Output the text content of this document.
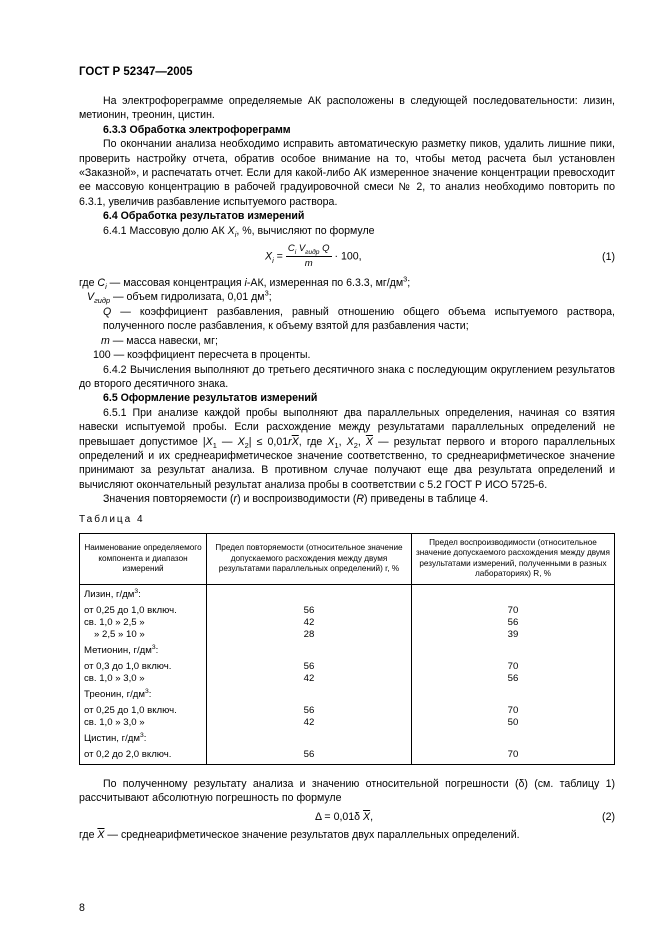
ГОСТ Р 52347—2005

На электрофореграмме определяемые АК расположены в следующей последовательности: лизин, метионин, треонин, цистин.

6.3.3 Обработка электрофореграмм

По окончании анализа необходимо исправить автоматическую разметку пиков, удалить лишние пики, проверить настройку отчета, обратив особое внимание на то, чтобы метод расчета был установлен «Заказной», и распечатать отчет. Если для какой-либо АК измеренное значение концентрации превосходит ее массовую концентрацию в рабочей градуировочной смеси № 2, то анализ необходимо повторить по 6.3.1, увеличив разбавление испытуемого раствора.

6.4 Обработка результатов измерений

6.4.1 Массовую долю АК $X_i$, %, вычисляют по формуле

$X_i = \frac{C_i V_{гидр} Q}{m} \cdot 100$,	(1)

где $C_i$ — массовая концентрация i-АК, измеренная по 6.3.3, $мг/дм^3$;

$V_{гидр}$ — объем гидролизата, 0,01 $дм^3$;

Q — коэффициент разбавления, равный отношению общего объема испытуемого раствора, полученного после разбавления, к объему взятой для разбавления части;

m — масса навески, мг;

100 — коэффициент пересчета в проценты.

6.4.2 Вычисления выполняют до третьего десятичного знака с последующим округлением результатов до второго десятичного знака.

6.5 Оформление результатов измерений

6.5.1 При анализе каждой пробы выполняют два параллельных определения, начиная со взятия навески испытуемой пробы. Если расхождение между результатами параллельных определений не превышает допустимое $|X_1$ — $X_2| \le 0,01r\overline{X}$, где $X_1$, $X_2$, $\overline{X}$ — результат первого и второго параллельных определений и их среднеарифметическое значение соответственно, то среднеарифметическое значение принимают за результат анализа. В противном случае получают еще два результата определений и вычисляют окончательный результат анализа пробы в соответствии с 5.2 ГОСТ Р ИСО 5725-6.

Значения повторяемости (r) и воспроизводимости (R) приведены в таблице 4.

Таблица 4
Наименование определяемого компонента и диапазон измерений	Предел повторяемости (относительное значение допускаемого расхождения между двумя результатами параллельных определений) r, %	Предел воспроизводимости (относительное значение допускаемого расхождения между двумя результатами измерений, полученными в разных лабораториях) R, %
Лизин, $г/дм^3$:		
от 0,25 до 1,0 включ.	56	70
св. 1,0 » 2,5 »	42	56
» 2,5 » 10 »	28	39
Метионин, $г/дм^3$:		
от 0,3 до 1,0 включ.	56	70
св. 1,0 » 3,0 »	42	56
Треонин, $г/дм^3$:		
от 0,25 до 1,0 включ.	56	70
св. 1,0 » 3,0 »	42	50
Цистин, $г/дм^3$:		
от 0,2 до 2,0 включ.	56	70

По полученному результату анализа и значению относительной погрешности (δ) (см. таблицу 1) рассчитывают абсолютную погрешность по формуле

Δ = 0,01δ $\overline{X}$,	(2)

где $\overline{X}$ — среднеарифметическое значение результатов двух параллельных определений.

8
